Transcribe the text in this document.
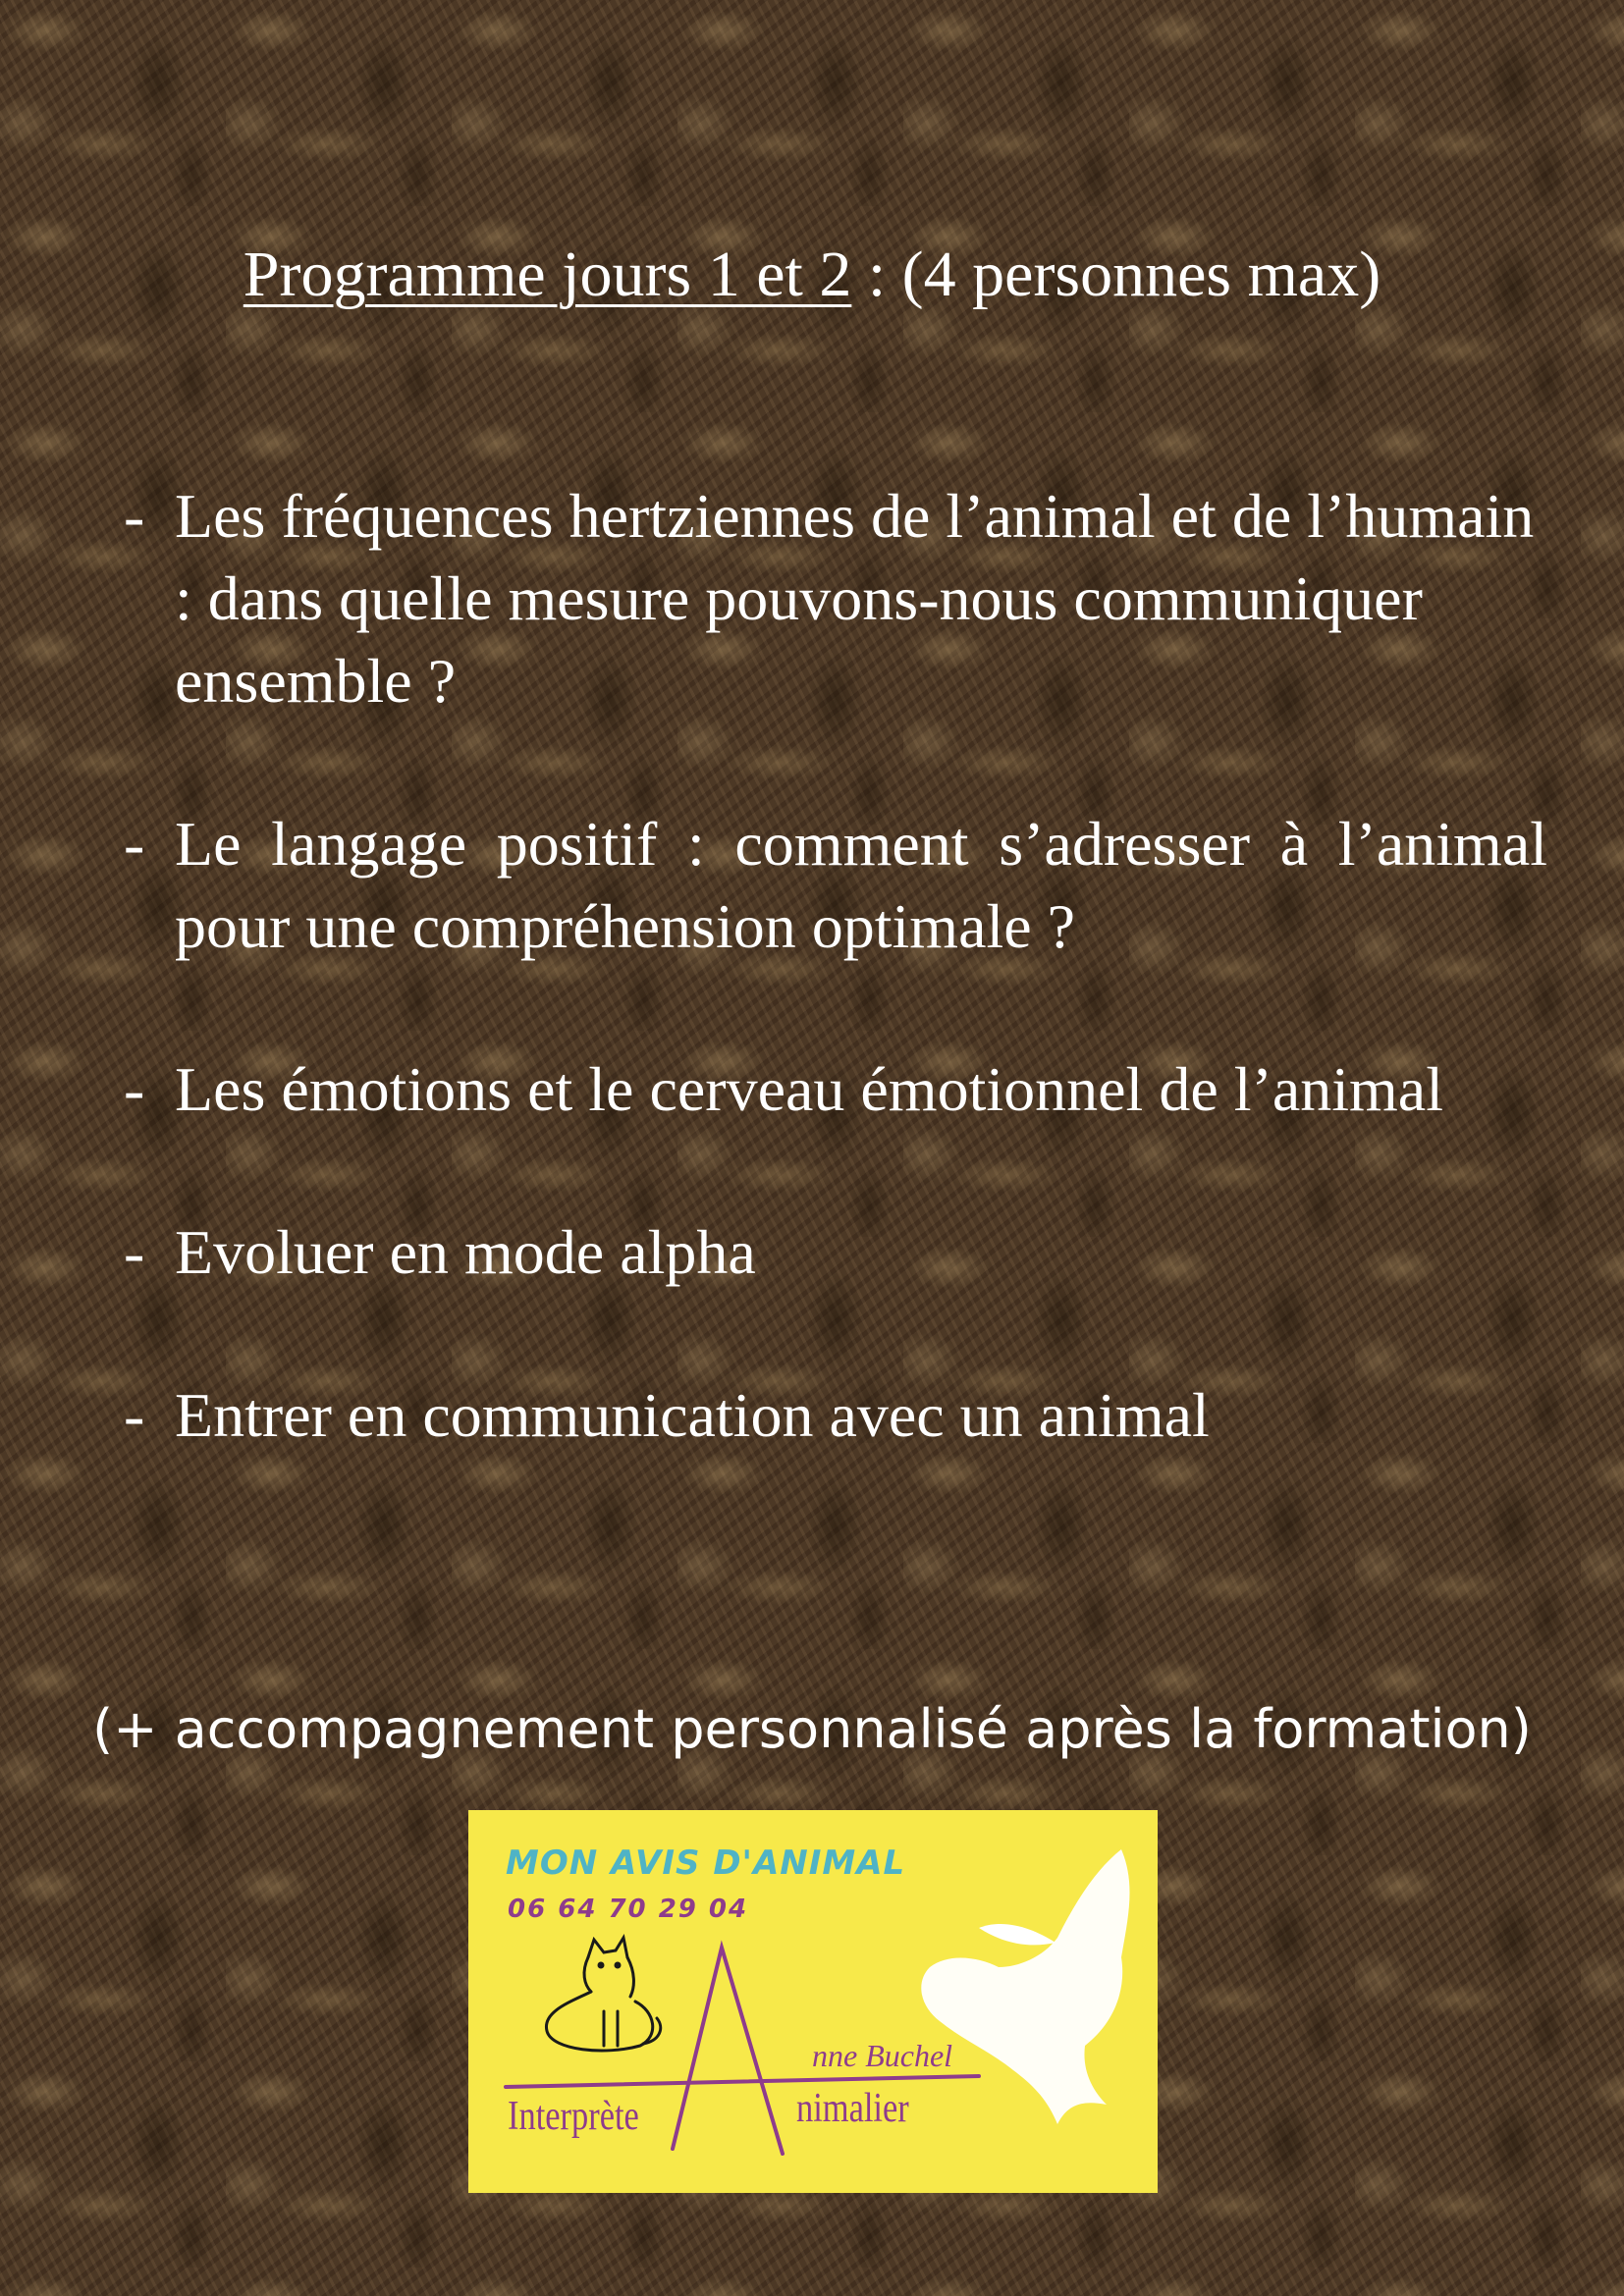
Programme jours 1 et 2 : (4 personnes max)
- Les fréquences hertziennes de l’animal et de l’humain : dans quelle mesure pouvons-nous communiquer ensemble ?
- Le langage positif : comment s’adresser à l’animal pour une compréhension optimale ?
- Les émotions et le cerveau émotionnel de l’animal
- Evoluer en mode alpha
- Entrer en communication avec un animal
(+ accompagnement personnalisé après la formation)
MON AVIS D'ANIMAL
06 64 70 29 04
nne Buchel
Interprète	nimalier
